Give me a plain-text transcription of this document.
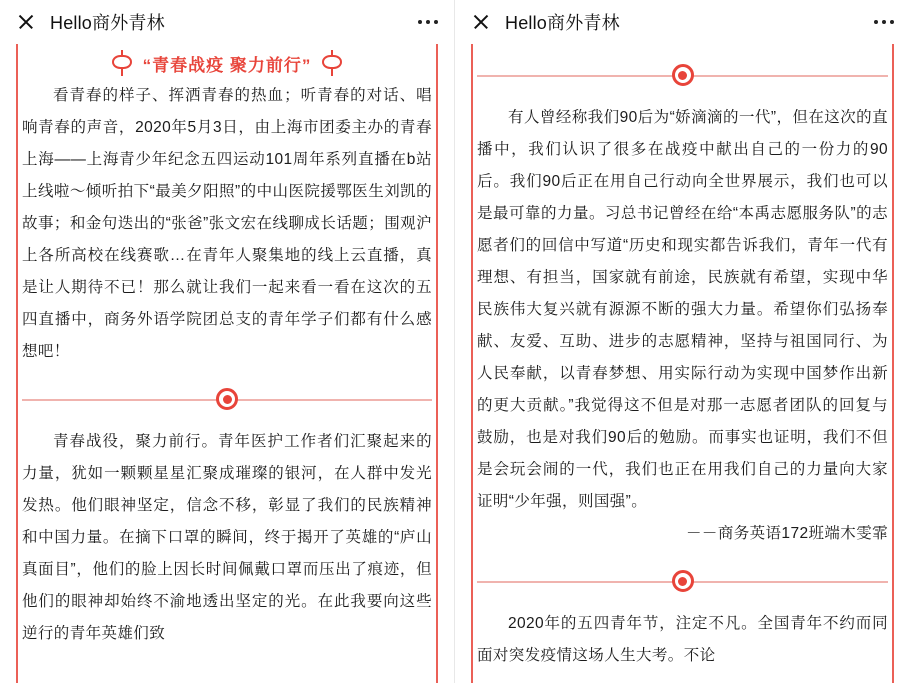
Hello商外青林
“青春战疫 聚力前行”

看青春的样子、挥洒青春的热血；听青春的对话、唱响青春的声音，2020年5月3日，由上海市团委主办的青春上海——上海青少年纪念五四运动101周年系列直播在b站上线啦～倾听拍下“最美夕阳照”的中山医院援鄂医生刘凯的故事；和金句迭出的“张爸”张文宏在线聊成长话题；围观沪上各所高校在线赛歌…在青年人聚集地的线上云直播，真是让人期待不已！那么就让我们一起来看一看在这次的五四直播中，商务外语学院团总支的青年学子们都有什么感想吧！

青春战役，聚力前行。青年医护工作者们汇聚起来的力量，犹如一颗颗星星汇聚成璀璨的银河，在人群中发光发热。他们眼神坚定，信念不移，彰显了我们的民族精神和中国力量。在摘下口罩的瞬间，终于揭开了英雄的“庐山真面目”，他们的脸上因长时间佩戴口罩而压出了痕迹，但他们的眼神却始终不渝地透出坚定的光。在此我要向这些逆行的青年英雄们致

Hello商外青林

有人曾经称我们90后为“娇滴滴的一代”，但在这次的直播中，我们认识了很多在战疫中献出自己的一份力的90后。我们90后正在用自己行动向全世界展示，我们也可以是最可靠的力量。习总书记曾经在给“本禹志愿服务队”的志愿者们的回信中写道“历史和现实都告诉我们，青年一代有理想、有担当，国家就有前途，民族就有希望，实现中华民族伟大复兴就有源源不断的强大力量。希望你们弘扬奉献、友爱、互助、进步的志愿精神，坚持与祖国同行、为人民奉献，以青春梦想、用实际行动为实现中国梦作出新的更大贡献。”我觉得这不但是对那一志愿者团队的回复与鼓励，也是对我们90后的勉励。而事实也证明，我们不但是会玩会闹的一代，我们也正在用我们自己的力量向大家证明“少年强，则国强”。

－－商务英语172班端木雯霏

2020年的五四青年节，注定不凡。全国青年不约而同面对突发疫情这场人生大考。不论
